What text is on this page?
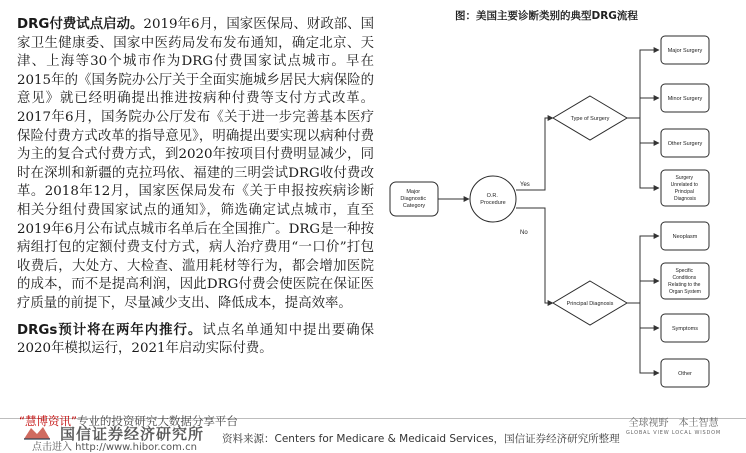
DRG付费试点启动。2019年6月，国家医保局、财政部、国家卫生健康委、国家中医药局发布发布通知，确定北京、天津、上海等30个城市作为DRG付费国家试点城市。早在2015年的《国务院办公厅关于全面实施城乡居民大病保险的意见》就已经明确提出推进按病种付费等支付方式改革。2017年6月，国务院办公厅发布《关于进一步完善基本医疗保险付费方式改革的指导意见》，明确提出要实现以病种付费为主的复合式付费方式，到2020年按项目付费明显减少，同时在深圳和新疆的克拉玛依、福建的三明尝试DRG收付费改革。2018年12月，国家医保局发布《关于申报按疾病诊断相关分组付费国家试点的通知》，筛选确定试点城市，直至2019年6月公布试点城市名单后在全国推广。DRG是一种按病组打包的定额付费支付方式，病人治疗费用“一口价”打包收费后，大处方、大检查、滥用耗材等行为，都会增加医院的成本，而不是提高利润，因此DRG付费会使医院在保证医疗质量的前提下，尽量减少支出、降低成本，提高效率。

DRGs预计将在两年内推行。试点名单通知中提出要确保2020年模拟运行，2021年启动实际付费。

图：美国主要诊断类别的典型DRG流程
Major Diagnostic Category
O.R. Procedure
Yes
No
Type of Surgery
Principal Diagnosis
Major Surgery
Minor Surgery
Other Surgery
Surgery Unrelated to Principal Diagnosis
Neoplasm
Specific Conditions Relating to the Organ System
Symptoms
Other
国信证券经济研究所
“慧博资讯”专业的投资研究大数据分享平台
点击进入 http://www.hibor.com.cn
资料来源：Centers for Medicare & Medicaid Services，国信证券经济研究所整理
全球视野　本土智慧
GLOBAL VIEW LOCAL WISDOM
